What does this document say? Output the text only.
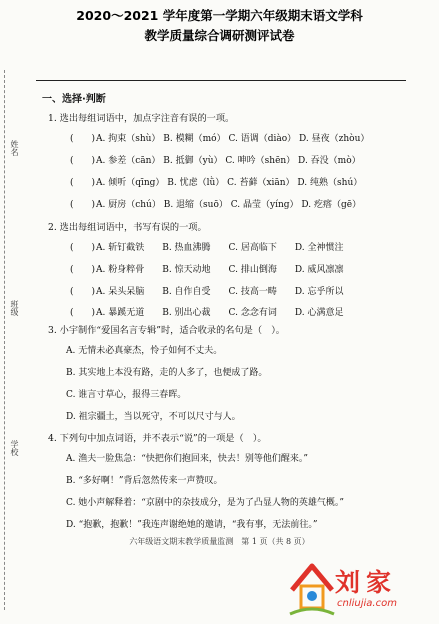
2020～2021 学年度第一学期六年级期末语文学科
教学质量综合调研测评试卷
姓名
班级
学校
一、选择·判断
1. 选出每组词语中，加点字注音有误的一项。
(　　)A. 拘束（shù） B. 模糊（mó） C. 语调（diào） D. 昼夜（zhòu）
(　　)A. 参差（cān） B. 抵御（yù） C. 呻吟（shēn） D. 吞没（mò）
(　　)A. 倾听（qīng） B. 忧虑（lǜ） C. 苔藓（xiān） D. 纯熟（shú）
(　　)A. 厨房（chú） B. 退缩（suō） C. 晶莹（yíng） D. 疙瘩（gē）
2. 选出每组词语中，书写有误的一项。
(　　)A. 斩钉截铁　　B. 热血沸腾　　C. 居高临下　　D. 全神惯注
(　　)A. 粉身粹骨　　B. 惊天动地　　C. 排山倒海　　D. 威风凛凛
(　　)A. 呆头呆脑　　B. 自作自受　　C. 技高一畴　　D. 忘乎所以
(　　)A. 暴蹊无道　　B. 别出心裁　　C. 念念有词　　D. 心满意足
3. 小宇制作“爱国名言专辑”时，适合收录的名句是（　）。
A. 无情未必真豪杰，怜子如何不丈夫。
B. 其实地上本没有路，走的人多了，也便成了路。
C. 谁言寸草心，报得三春晖。
D. 祖宗疆土，当以死守，不可以尺寸与人。
4. 下列句中加点词语，并不表示“说”的一项是（　）。
A. 渔夫一脸焦急：“快把你们抱回来，快去！别等他们醒来。”
B. “多好啊！”背后忽然传来一声赞叹。
C. 她小声解释着：“京剧中的杂技成分，是为了凸显人物的英雄气概。”
D. “抱歉，抱歉！”我连声谢绝她的邀请，“我有事，无法前往。”
六年级语文期末教学质量监测　第 1 页（共 8 页）
刘家
cnliujia.com
